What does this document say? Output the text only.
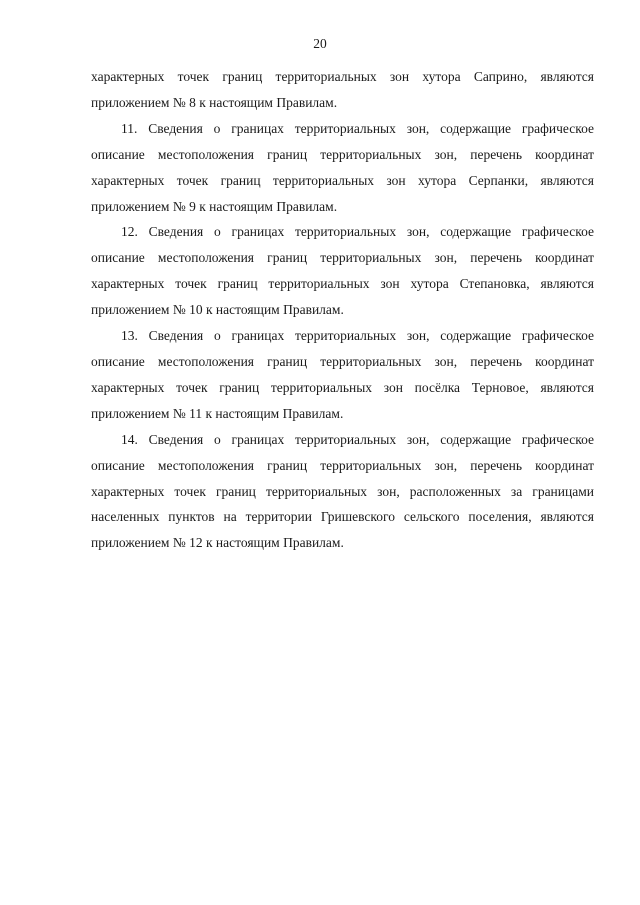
20

характерных точек границ территориальных зон хутора Саприно, являются приложением № 8 к настоящим Правилам.

11. Сведения о границах территориальных зон, содержащие графическое описание местоположения границ территориальных зон, перечень координат характерных точек границ территориальных зон хутора Серпанки, являются приложением № 9 к настоящим Правилам.

12. Сведения о границах территориальных зон, содержащие графическое описание местоположения границ территориальных зон, перечень координат характерных точек границ территориальных зон хутора Степановка, являются приложением № 10 к настоящим Правилам.

13. Сведения о границах территориальных зон, содержащие графическое описание местоположения границ территориальных зон, перечень координат характерных точек границ территориальных зон посёлка Терновое, являются приложением № 11 к настоящим Правилам.

14. Сведения о границах территориальных зон, содержащие графическое описание местоположения границ территориальных зон, перечень координат характерных точек границ территориальных зон, расположенных за границами населенных пунктов на территории Гришевского сельского поселения, являются приложением № 12 к настоящим Правилам.
